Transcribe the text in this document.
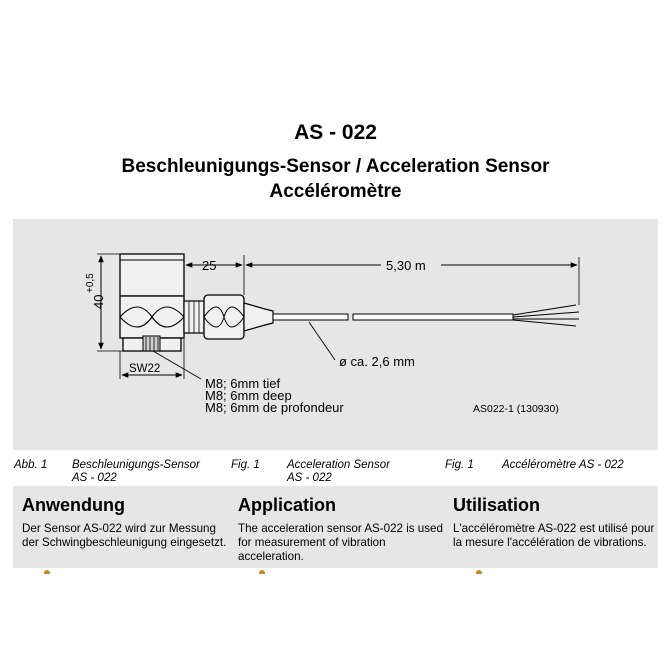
AS - 022
Beschleunigungs-Sensor / Acceleration Sensor
Accéléromètre
40
+0,5
25	5,30 m
SW22	ø ca. 2,6 mm
M8; 6mm tief
M8; 6mm deep
M8; 6mm de profondeur	AS022-1 (130930)
Abb. 1 Beschleunigungs-Sensor
AS - 022
Fig. 1 Acceleration Sensor
AS - 022
Fig. 1 Accéléromètre AS - 022
Anwendung

Der Sensor AS-022 wird zur Messung der Schwingbeschleunigung eingesetzt.

Application

The acceleration sensor AS-022 is used for measurement of vibration acceleration.

Utilisation

L'accéléromètre AS-022 est utilisé pour la mesure l'accélération de vibrations.
